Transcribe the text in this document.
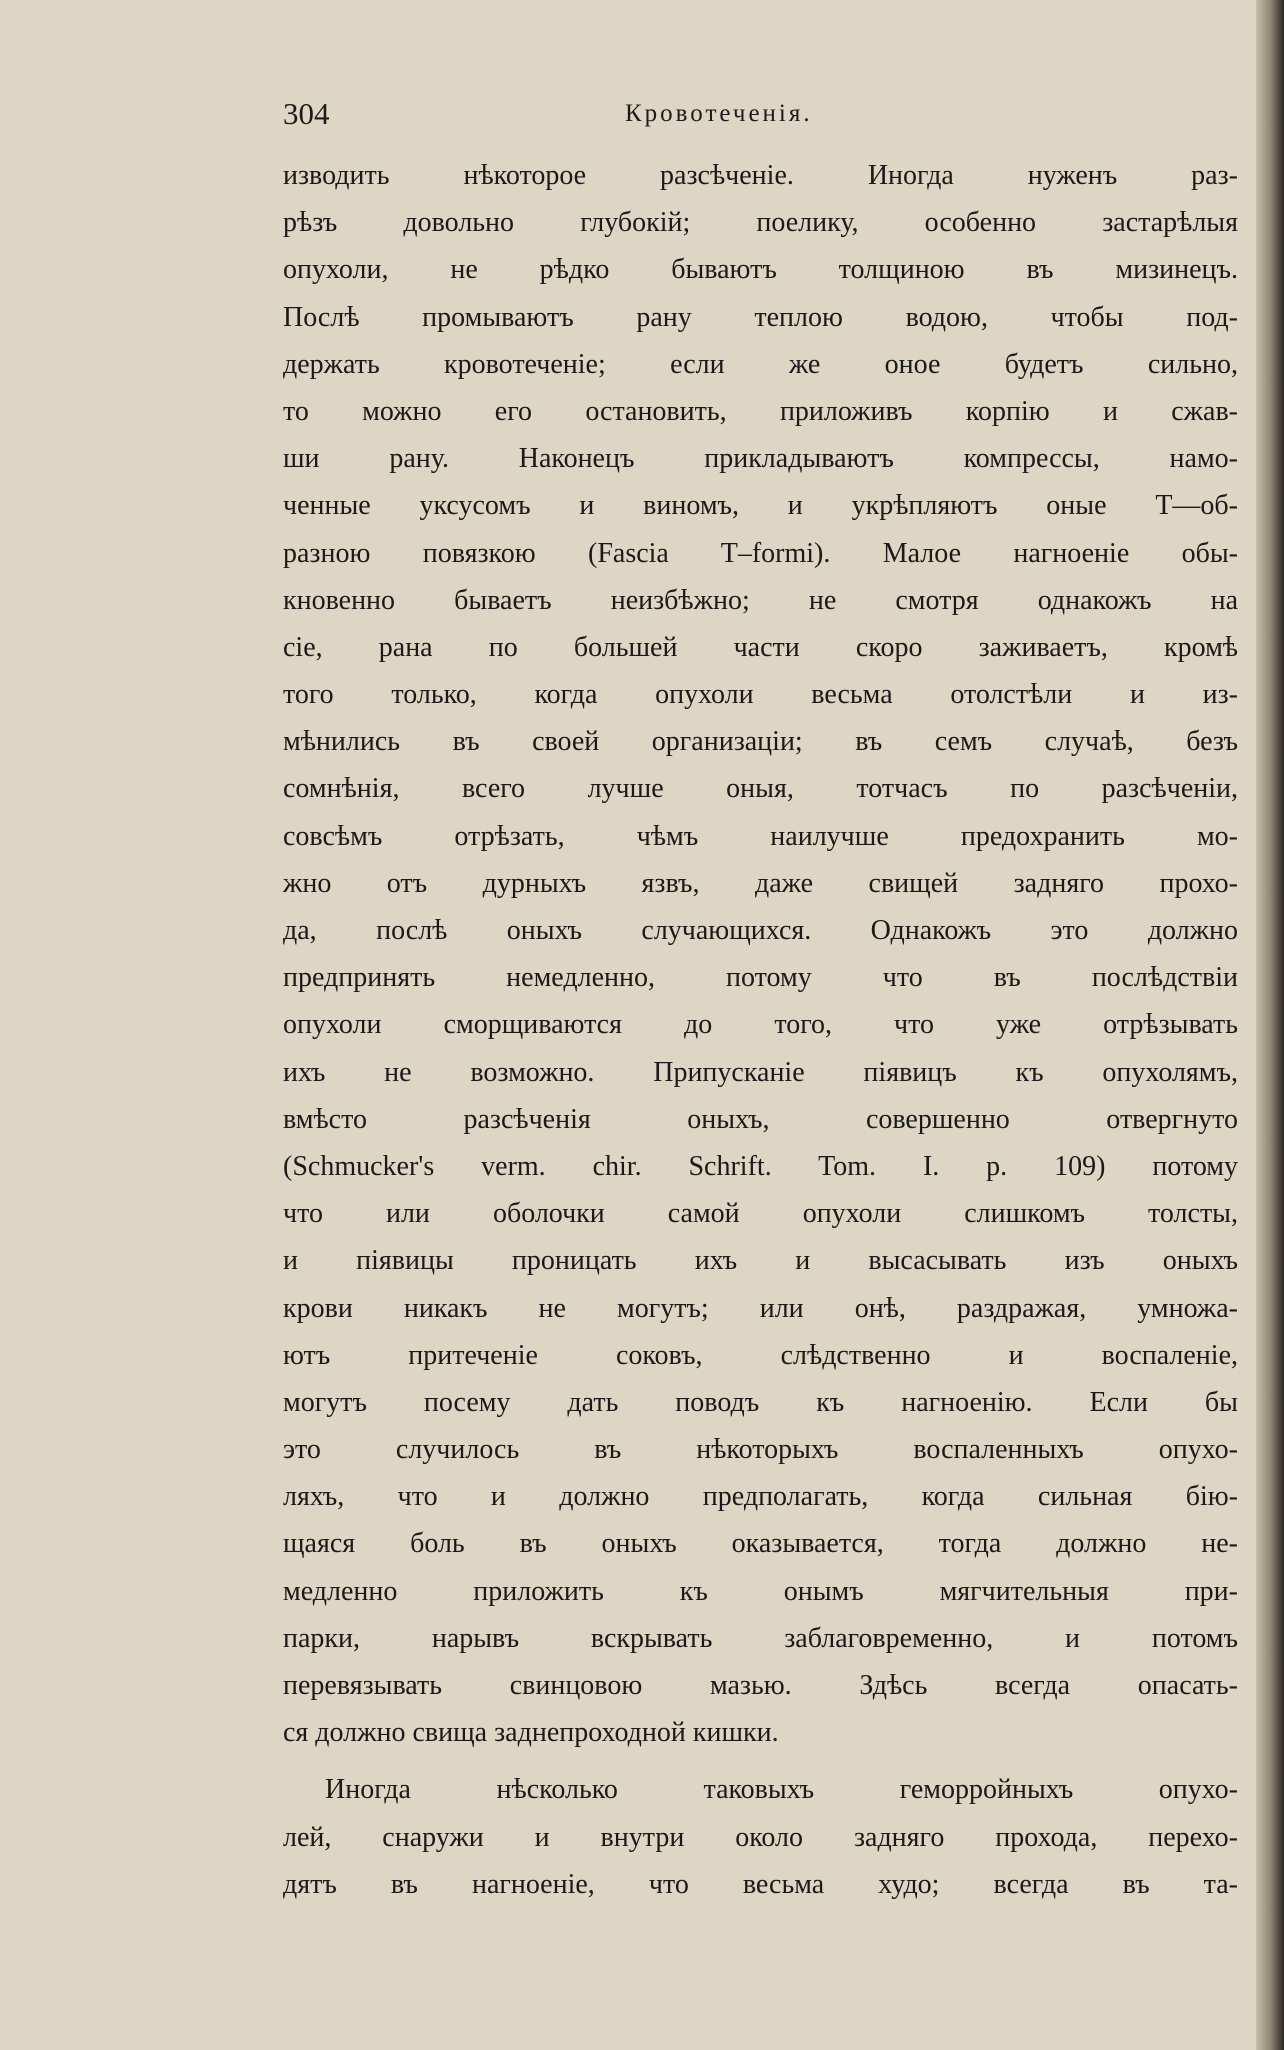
304	Кровотеченія.
изводить нѣкоторое разсѣченіе. Иногда нуженъ раз-
рѣзъ довольно глубокій; поелику, особенно застарѣлыя
опухоли, не рѣдко бываютъ толщиною въ мизинецъ.
Послѣ промываютъ рану теплою водою, чтобы под-
держать кровотеченіе; если же оное будетъ сильно,
то можно его остановить, приложивъ корпію и сжав-
ши рану. Наконецъ прикладываютъ компрессы, намо-
ченные уксусомъ и виномъ, и укрѣпляютъ оные Т—об-
разною повязкою (Fascia T–formi). Малое нагноеніе обы-
кновенно бываетъ неизбѣжно; не смотря однакожъ на
сіе, рана по большей части скоро заживаетъ, кромѣ
того только, когда опухоли весьма отолстѣли и из-
мѣнились въ своей организаціи; въ семъ случаѣ, безъ
сомнѣнія, всего лучше оныя, тотчасъ по разсѣченіи,
совсѣмъ отрѣзать, чѣмъ наилучше предохранить мо-
жно отъ дурныхъ язвъ, даже свищей задняго прохо-
да, послѣ оныхъ случающихся. Однакожъ это должно
предпринять немедленно, потому что въ послѣдствіи
опухоли сморщиваются до того, что уже отрѣзывать
ихъ не возможно. Припусканіе піявицъ къ опухолямъ,
вмѣсто разсѣченія оныхъ, совершенно отвергнуто
(Schmucker's verm. chir. Schrift. Tom. I. p. 109) потому
что или оболочки самой опухоли слишкомъ толсты,
и піявицы проницать ихъ и высасывать изъ оныхъ
крови никакъ не могутъ; или онѣ, раздражая, умножа-
ютъ притеченіе соковъ, слѣдственно и воспаленіе,
могутъ посему дать поводъ къ нагноенію. Если бы
это случилось въ нѣкоторыхъ воспаленныхъ опухо-
ляхъ, что и должно предполагать, когда сильная бію-
щаяся боль въ оныхъ оказывается, тогда должно не-
медленно приложить къ онымъ мягчительныя при-
парки, нарывъ вскрывать заблаговременно, и потомъ
перевязывать свинцовою мазью. Здѣсь всегда опасать-
ся должно свища заднепроходной кишки.
Иногда нѣсколько таковыхъ геморройныхъ опухо-
лей, снаружи и внутри около задняго прохода, перехо-
дятъ въ нагноеніе, что весьма худо; всегда въ та-
